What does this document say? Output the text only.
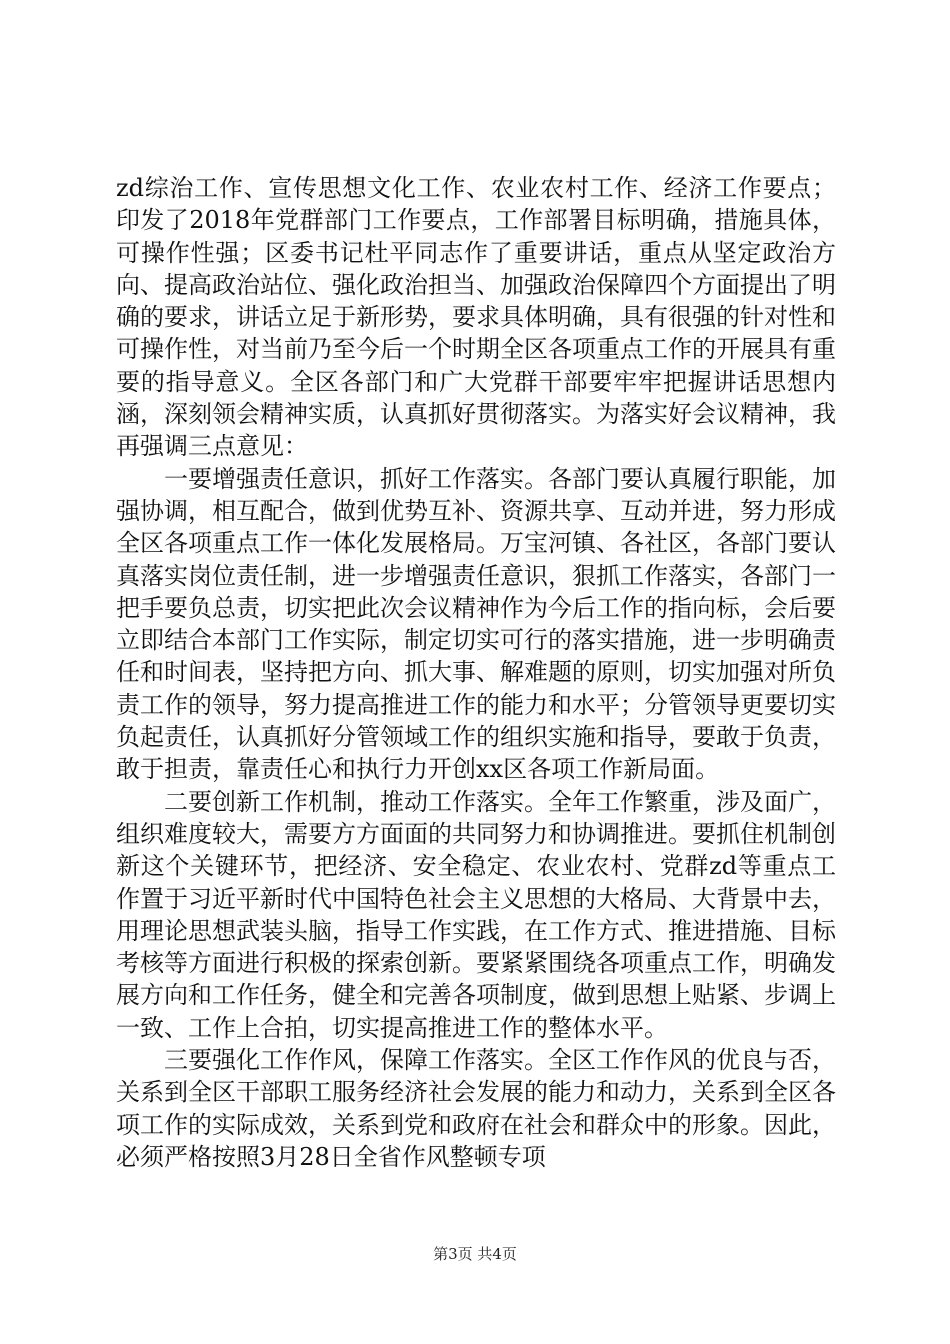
zd综治工作、宣传思想文化工作、农业农村工作、经济工作要点；印发了2018年党群部门工作要点，工作部署目标明确，措施具体，可操作性强；区委书记杜平同志作了重要讲话，重点从坚定政治方向、提高政治站位、强化政治担当、加强政治保障四个方面提出了明确的要求，讲话立足于新形势，要求具体明确，具有很强的针对性和可操作性，对当前乃至今后一个时期全区各项重点工作的开展具有重要的指导意义。全区各部门和广大党群干部要牢牢把握讲话思想内涵，深刻领会精神实质，认真抓好贯彻落实。为落实好会议精神，我再强调三点意见：

一要增强责任意识，抓好工作落实。各部门要认真履行职能，加强协调，相互配合，做到优势互补、资源共享、互动并进，努力形成全区各项重点工作一体化发展格局。万宝河镇、各社区，各部门要认真落实岗位责任制，进一步增强责任意识，狠抓工作落实，各部门一把手要负总责，切实把此次会议精神作为今后工作的指向标，会后要立即结合本部门工作实际，制定切实可行的落实措施，进一步明确责任和时间表，坚持把方向、抓大事、解难题的原则，切实加强对所负责工作的领导，努力提高推进工作的能力和水平；分管领导更要切实负起责任，认真抓好分管领域工作的组织实施和指导，要敢于负责，敢于担责，靠责任心和执行力开创xx区各项工作新局面。

二要创新工作机制，推动工作落实。全年工作繁重，涉及面广，组织难度较大，需要方方面面的共同努力和协调推进。要抓住机制创新这个关键环节，把经济、安全稳定、农业农村、党群zd等重点工作置于习近平新时代中国特色社会主义思想的大格局、大背景中去，用理论思想武装头脑，指导工作实践，在工作方式、推进措施、目标考核等方面进行积极的探索创新。要紧紧围绕各项重点工作，明确发展方向和工作任务，健全和完善各项制度，做到思想上贴紧、步调上一致、工作上合拍，切实提高推进工作的整体水平。

三要强化工作作风，保障工作落实。全区工作作风的优良与否，关系到全区干部职工服务经济社会发展的能力和动力，关系到全区各项工作的实际成效，关系到党和政府在社会和群众中的形象。因此，必须严格按照3月28日全省作风整顿专项

第3页 共4页
